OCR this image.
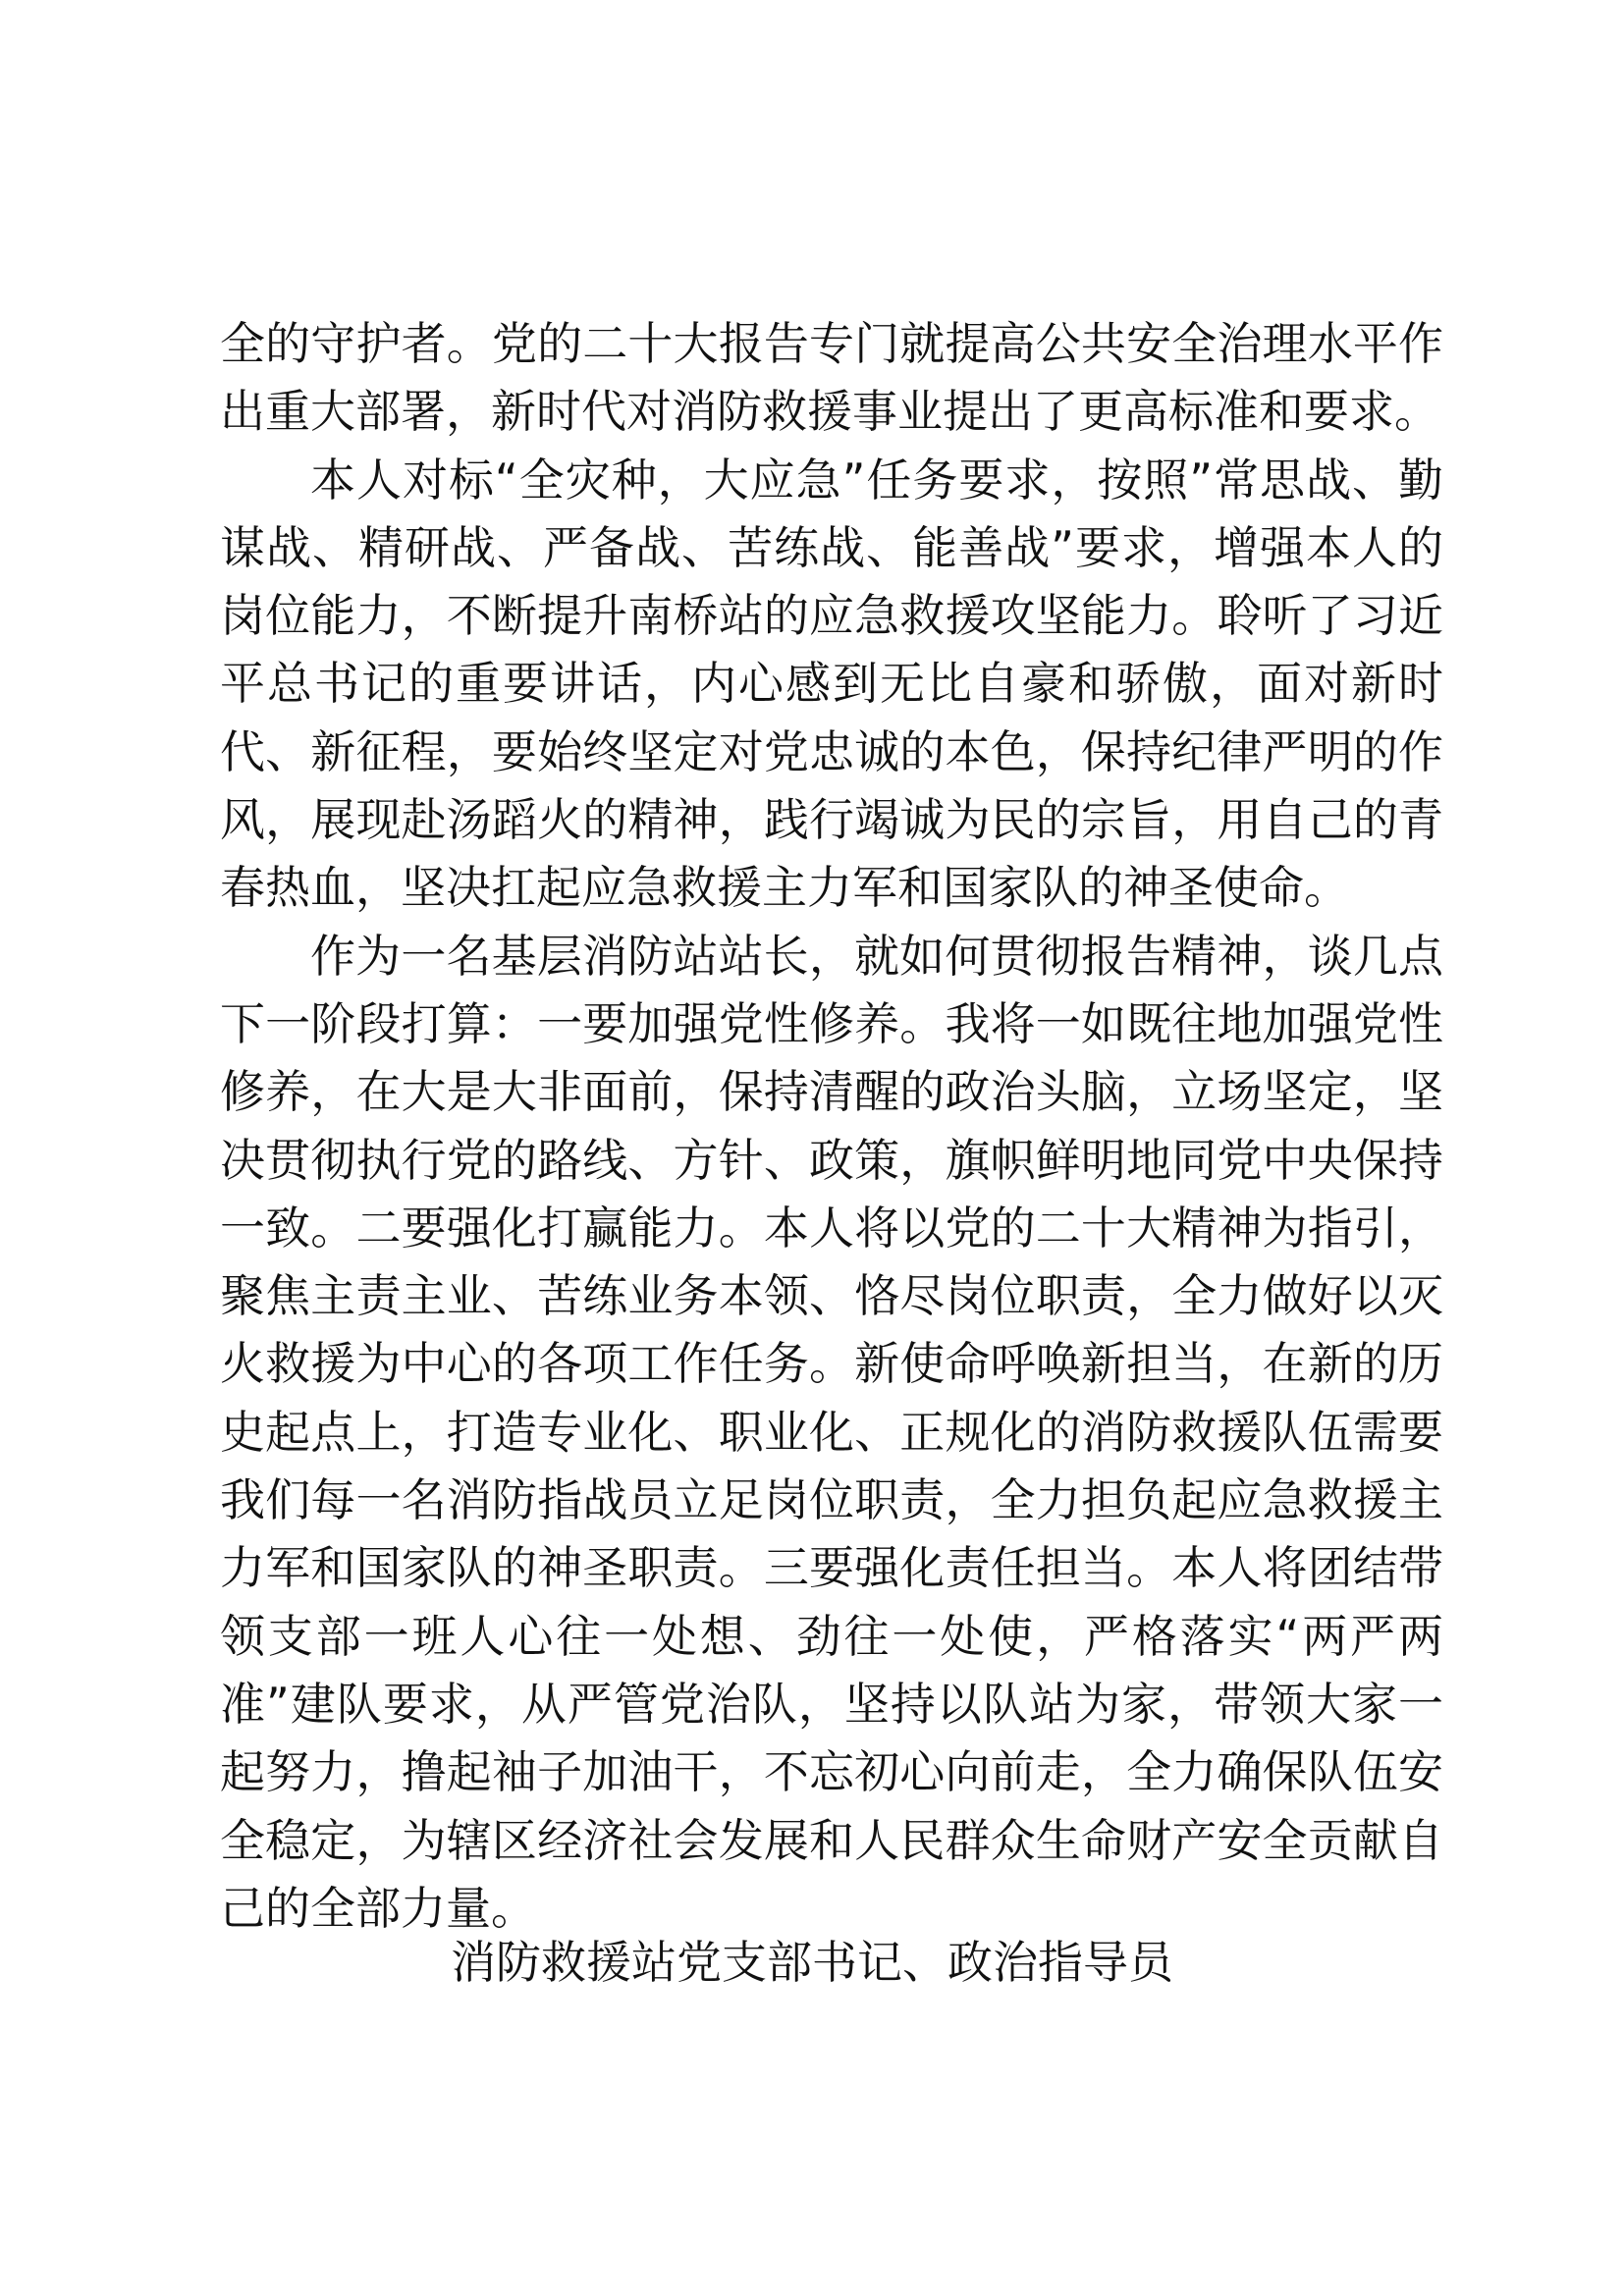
全的守护者。党的二十大报告专门就提高公共安全治理水平作出重大部署，新时代对消防救援事业提出了更高标准和要求。

本人对标“全灾种，大应急”任务要求，按照”常思战、勤谋战、精研战、严备战、苦练战、能善战”要求，增强本人的岗位能力，不断提升南桥站的应急救援攻坚能力。聆听了习近平总书记的重要讲话，内心感到无比自豪和骄傲，面对新时代、新征程，要始终坚定对党忠诚的本色，保持纪律严明的作风，展现赴汤蹈火的精神，践行竭诚为民的宗旨，用自己的青春热血，坚决扛起应急救援主力军和国家队的神圣使命。

作为一名基层消防站站长，就如何贯彻报告精神，谈几点下一阶段打算：一要加强党性修养。我将一如既往地加强党性修养，在大是大非面前，保持清醒的政治头脑，立场坚定，坚决贯彻执行党的路线、方针、政策，旗帜鲜明地同党中央保持一致。二要强化打赢能力。本人将以党的二十大精神为指引，聚焦主责主业、苦练业务本领、恪尽岗位职责，全力做好以灭火救援为中心的各项工作任务。新使命呼唤新担当，在新的历史起点上，打造专业化、职业化、正规化的消防救援队伍需要我们每一名消防指战员立足岗位职责，全力担负起应急救援主力军和国家队的神圣职责。三要强化责任担当。本人将团结带领支部一班人心往一处想、劲往一处使，严格落实“两严两准”建队要求，从严管党治队，坚持以队站为家，带领大家一起努力，撸起袖子加油干，不忘初心向前走，全力确保队伍安全稳定，为辖区经济社会发展和人民群众生命财产安全贡献自己的全部力量。

消防救援站党支部书记、政治指导员
